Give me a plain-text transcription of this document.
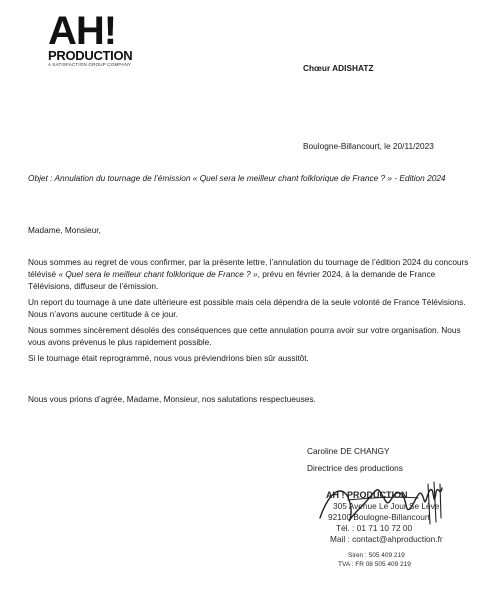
AH!
PRODUCTION
A SATISFACTION GROUP COMPANY	Chœur ADISHATZ
Boulogne-Billancourt, le 20/11/2023
Objet : Annulation du tournage de l’émission « Quel sera le meilleur chant folklorique de France ? » - Edition 2024
Madame, Monsieur,
Nous sommes au regret de vous confirmer, par la présente lettre, l’annulation du tournage de l’édition 2024 du concours télévisé « Quel sera le meilleur chant folklorique de France ? », prévu en février 2024, à la demande de France Télévisions, diffuseur de l’émission.
Un report du tournage à une date ultérieure est possible mais cela dépendra de la seule volonté de France Télévisions. Nous n’avons aucune certitude à ce jour.
Nous sommes sincèrement désolés des conséquences que cette annulation pourra avoir sur votre organisation. Nous vous avons prévenus le plus rapidement possible.
Si le tournage était reprogrammé, nous vous préviendrions bien sûr aussitôt.
Nous vous prions d’agrée, Madame, Monsieur, nos salutations respectueuses.
Caroline DE CHANGY
Directrice des productions
AH ! PRODUCTION
305 Avenue Le Jour Se Lève
92100 Boulogne-Billancourt
Tél. : 01 71 10 72 00
Mail : contact@ahproduction.fr
Siren : 505 409 219
TVA : FR 08 505 409 219
